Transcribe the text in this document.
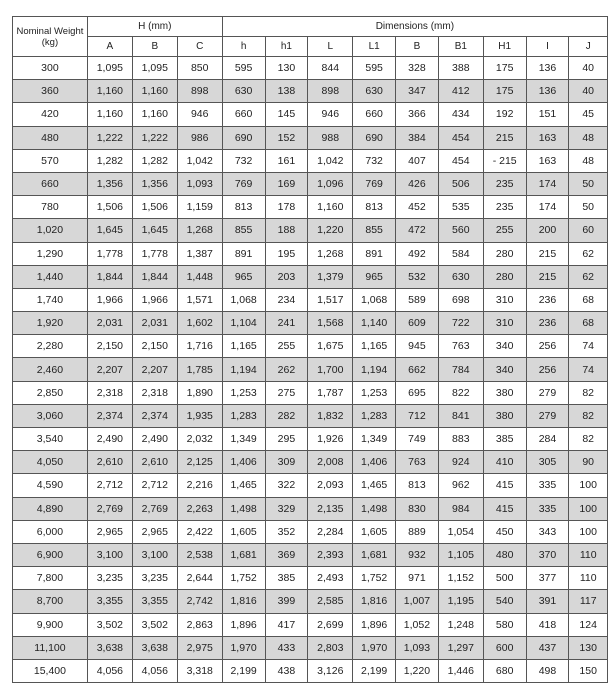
Nominal Weight (kg)	H (mm)			Dimensions (mm)								
	A	B	C	h	h1	L	L1	B	B1	H1	I	J
300	1,095	1,095	850	595	130	844	595	328	388	175	136	40
360	1,160	1,160	898	630	138	898	630	347	412	175	136	40
420	1,160	1,160	946	660	145	946	660	366	434	192	151	45
480	1,222	1,222	986	690	152	988	690	384	454	215	163	48
570	1,282	1,282	1,042	732	161	1,042	732	407	454	- 215	163	48
660	1,356	1,356	1,093	769	169	1,096	769	426	506	235	174	50
780	1,506	1,506	1,159	813	178	1,160	813	452	535	235	174	50
1,020	1,645	1,645	1,268	855	188	1,220	855	472	560	255	200	60
1,290	1,778	1,778	1,387	891	195	1,268	891	492	584	280	215	62
1,440	1,844	1,844	1,448	965	203	1,379	965	532	630	280	215	62
1,740	1,966	1,966	1,571	1,068	234	1,517	1,068	589	698	310	236	68
1,920	2,031	2,031	1,602	1,104	241	1,568	1,140	609	722	310	236	68
2,280	2,150	2,150	1,716	1,165	255	1,675	1,165	945	763	340	256	74
2,460	2,207	2,207	1,785	1,194	262	1,700	1,194	662	784	340	256	74
2,850	2,318	2,318	1,890	1,253	275	1,787	1,253	695	822	380	279	82
3,060	2,374	2,374	1,935	1,283	282	1,832	1,283	712	841	380	279	82
3,540	2,490	2,490	2,032	1,349	295	1,926	1,349	749	883	385	284	82
4,050	2,610	2,610	2,125	1,406	309	2,008	1,406	763	924	410	305	90
4,590	2,712	2,712	2,216	1,465	322	2,093	1,465	813	962	415	335	100
4,890	2,769	2,769	2,263	1,498	329	2,135	1,498	830	984	415	335	100
6,000	2,965	2,965	2,422	1,605	352	2,284	1,605	889	1,054	450	343	100
6,900	3,100	3,100	2,538	1,681	369	2,393	1,681	932	1,105	480	370	110
7,800	3,235	3,235	2,644	1,752	385	2,493	1,752	971	1,152	500	377	110
8,700	3,355	3,355	2,742	1,816	399	2,585	1,816	1,007	1,195	540	391	117
9,900	3,502	3,502	2,863	1,896	417	2,699	1,896	1,052	1,248	580	418	124
11,100	3,638	3,638	2,975	1,970	433	2,803	1,970	1,093	1,297	600	437	130
15,400	4,056	4,056	3,318	2,199	438	3,126	2,199	1,220	1,446	680	498	150
